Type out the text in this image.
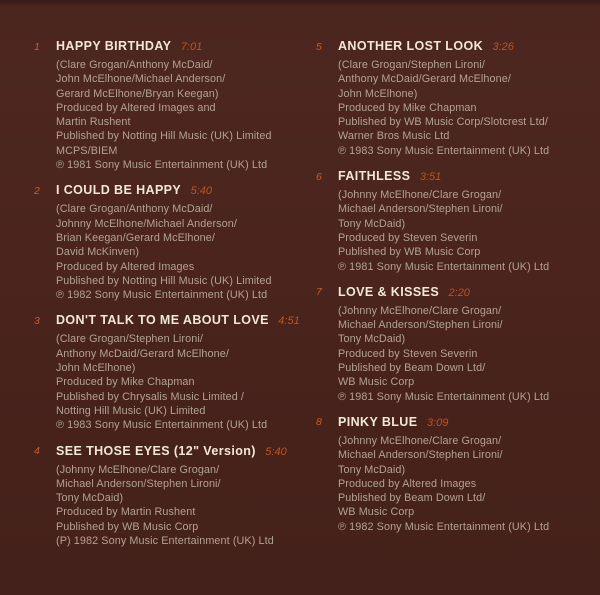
1	HAPPY BIRTHDAY 7:01
(Clare Grogan/Anthony McDaid/
John McElhone/Michael Anderson/
Gerard McElhone/Bryan Keegan)
Produced by Altered Images and
Martin Rushent
Published by Notting Hill Music (UK) Limited
MCPS/BIEM
℗ 1981 Sony Music Entertainment (UK) Ltd
2	I COULD BE HAPPY 5:40
(Clare Grogan/Anthony McDaid/
Johnny McElhone/Michael Anderson/
Brian Keegan/Gerard McElhone/
David McKinven)
Produced by Altered Images
Published by Notting Hill Music (UK) Limited
℗ 1982 Sony Music Entertainment (UK) Ltd
3	DON'T TALK TO ME ABOUT LOVE 4:51
(Clare Grogan/Stephen Lironi/
Anthony McDaid/Gerard McElhone/
John McElhone)
Produced by Mike Chapman
Published by Chrysalis Music Limited /
Notting Hill Music (UK) Limited
℗ 1983 Sony Music Entertainment (UK) Ltd
4	SEE THOSE EYES (12" Version) 5:40
(Johnny McElhone/Clare Grogan/
Michael Anderson/Stephen Lironi/
Tony McDaid)
Produced by Martin Rushent
Published by WB Music Corp
(P) 1982 Sony Music Entertainment (UK) Ltd
5	ANOTHER LOST LOOK 3:26
(Clare Grogan/Stephen Lironi/
Anthony McDaid/Gerard McElhone/
John McElhone)
Produced by Mike Chapman
Published by WB Music Corp/Slotcrest Ltd/
Warner Bros Music Ltd
℗ 1983 Sony Music Entertainment (UK) Ltd
6	FAITHLESS 3:51
(Johnny McElhone/Clare Grogan/
Michael Anderson/Stephen Lironi/
Tony McDaid)
Produced by Steven Severin
Published by WB Music Corp
℗ 1981 Sony Music Entertainment (UK) Ltd
7	LOVE & KISSES 2:20
(Johnny McElhone/Clare Grogan/
Michael Anderson/Stephen Lironi/
Tony McDaid)
Produced by Steven Severin
Published by Beam Down Ltd/
WB Music Corp
℗ 1981 Sony Music Entertainment (UK) Ltd
8	PINKY BLUE 3:09
(Johnny McElhone/Clare Grogan/
Michael Anderson/Stephen Lironi/
Tony McDaid)
Produced by Altered Images
Published by Beam Down Ltd/
WB Music Corp
℗ 1982 Sony Music Entertainment (UK) Ltd
